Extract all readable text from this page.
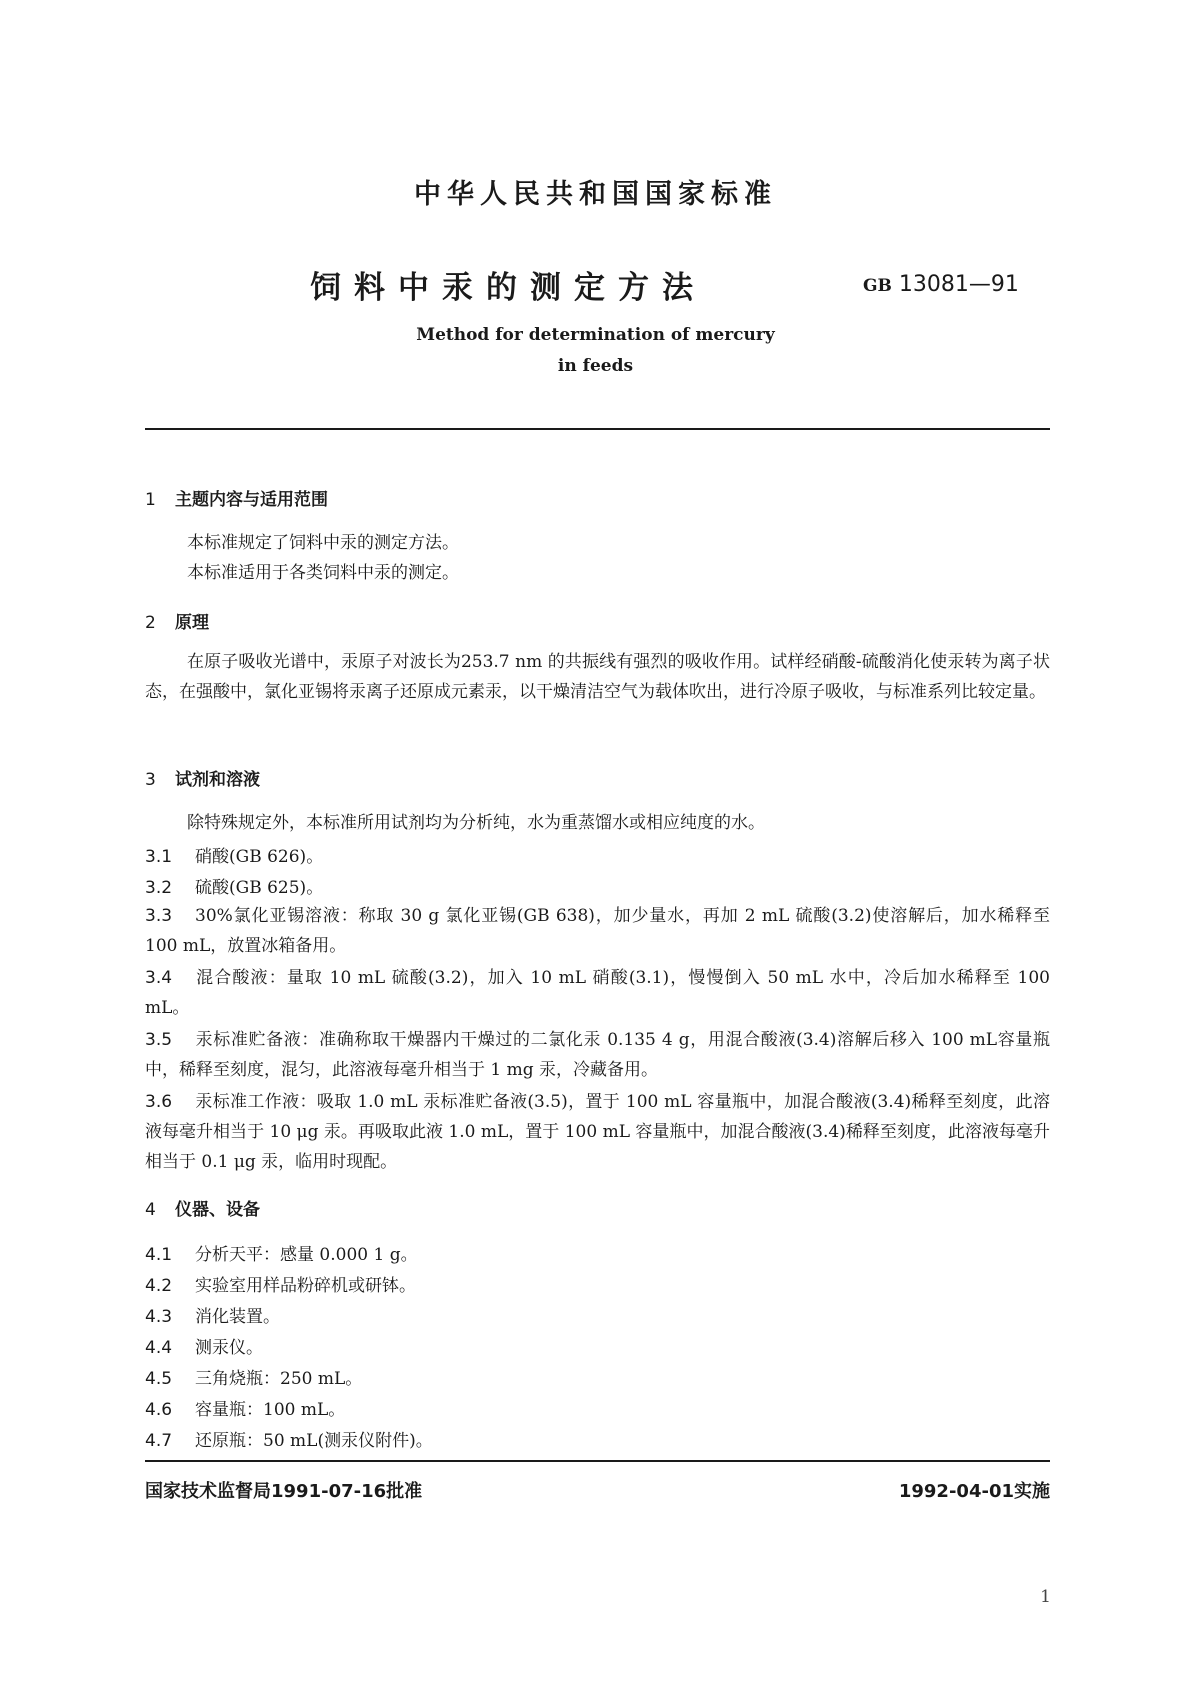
中华人民共和国国家标准
饲料中汞的测定方法	GB 13081—91
Method for determination of mercury
in feeds
1 主题内容与适用范围
本标准规定了饲料中汞的测定方法。
本标准适用于各类饲料中汞的测定。
2 原理
在原子吸收光谱中，汞原子对波长为253.7 nm 的共振线有强烈的吸收作用。试样经硝酸-硫酸消化使汞转为离子状态，在强酸中，氯化亚锡将汞离子还原成元素汞，以干燥清洁空气为载体吹出，进行冷原子吸收，与标准系列比较定量。
3 试剂和溶液
除特殊规定外，本标准所用试剂均为分析纯，水为重蒸馏水或相应纯度的水。
3.1 硝酸(GB 626)。
3.2 硫酸(GB 625)。
3.3 30%氯化亚锡溶液：称取 30 g 氯化亚锡(GB 638)，加少量水，再加 2 mL 硫酸(3.2)使溶解后，加水稀释至 100 mL，放置冰箱备用。
3.4 混合酸液：量取 10 mL 硫酸(3.2)，加入 10 mL 硝酸(3.1)，慢慢倒入 50 mL 水中，冷后加水稀释至 100 mL。
3.5 汞标准贮备液：准确称取干燥器内干燥过的二氯化汞 0.135 4 g，用混合酸液(3.4)溶解后移入 100 mL容量瓶中，稀释至刻度，混匀，此溶液每毫升相当于 1 mg 汞，冷藏备用。
3.6 汞标准工作液：吸取 1.0 mL 汞标准贮备液(3.5)，置于 100 mL 容量瓶中，加混合酸液(3.4)稀释至刻度，此溶液每毫升相当于 10 μg 汞。再吸取此液 1.0 mL，置于 100 mL 容量瓶中，加混合酸液(3.4)稀释至刻度，此溶液每毫升相当于 0.1 μg 汞，临用时现配。
4 仪器、设备
4.1 分析天平：感量 0.000 1 g。
4.2 实验室用样品粉碎机或研钵。
4.3 消化装置。
4.4 测汞仪。
4.5 三角烧瓶：250 mL。
4.6 容量瓶：100 mL。
4.7 还原瓶：50 mL(测汞仪附件)。
国家技术监督局1991-07-16批准	1992-04-01实施
1
